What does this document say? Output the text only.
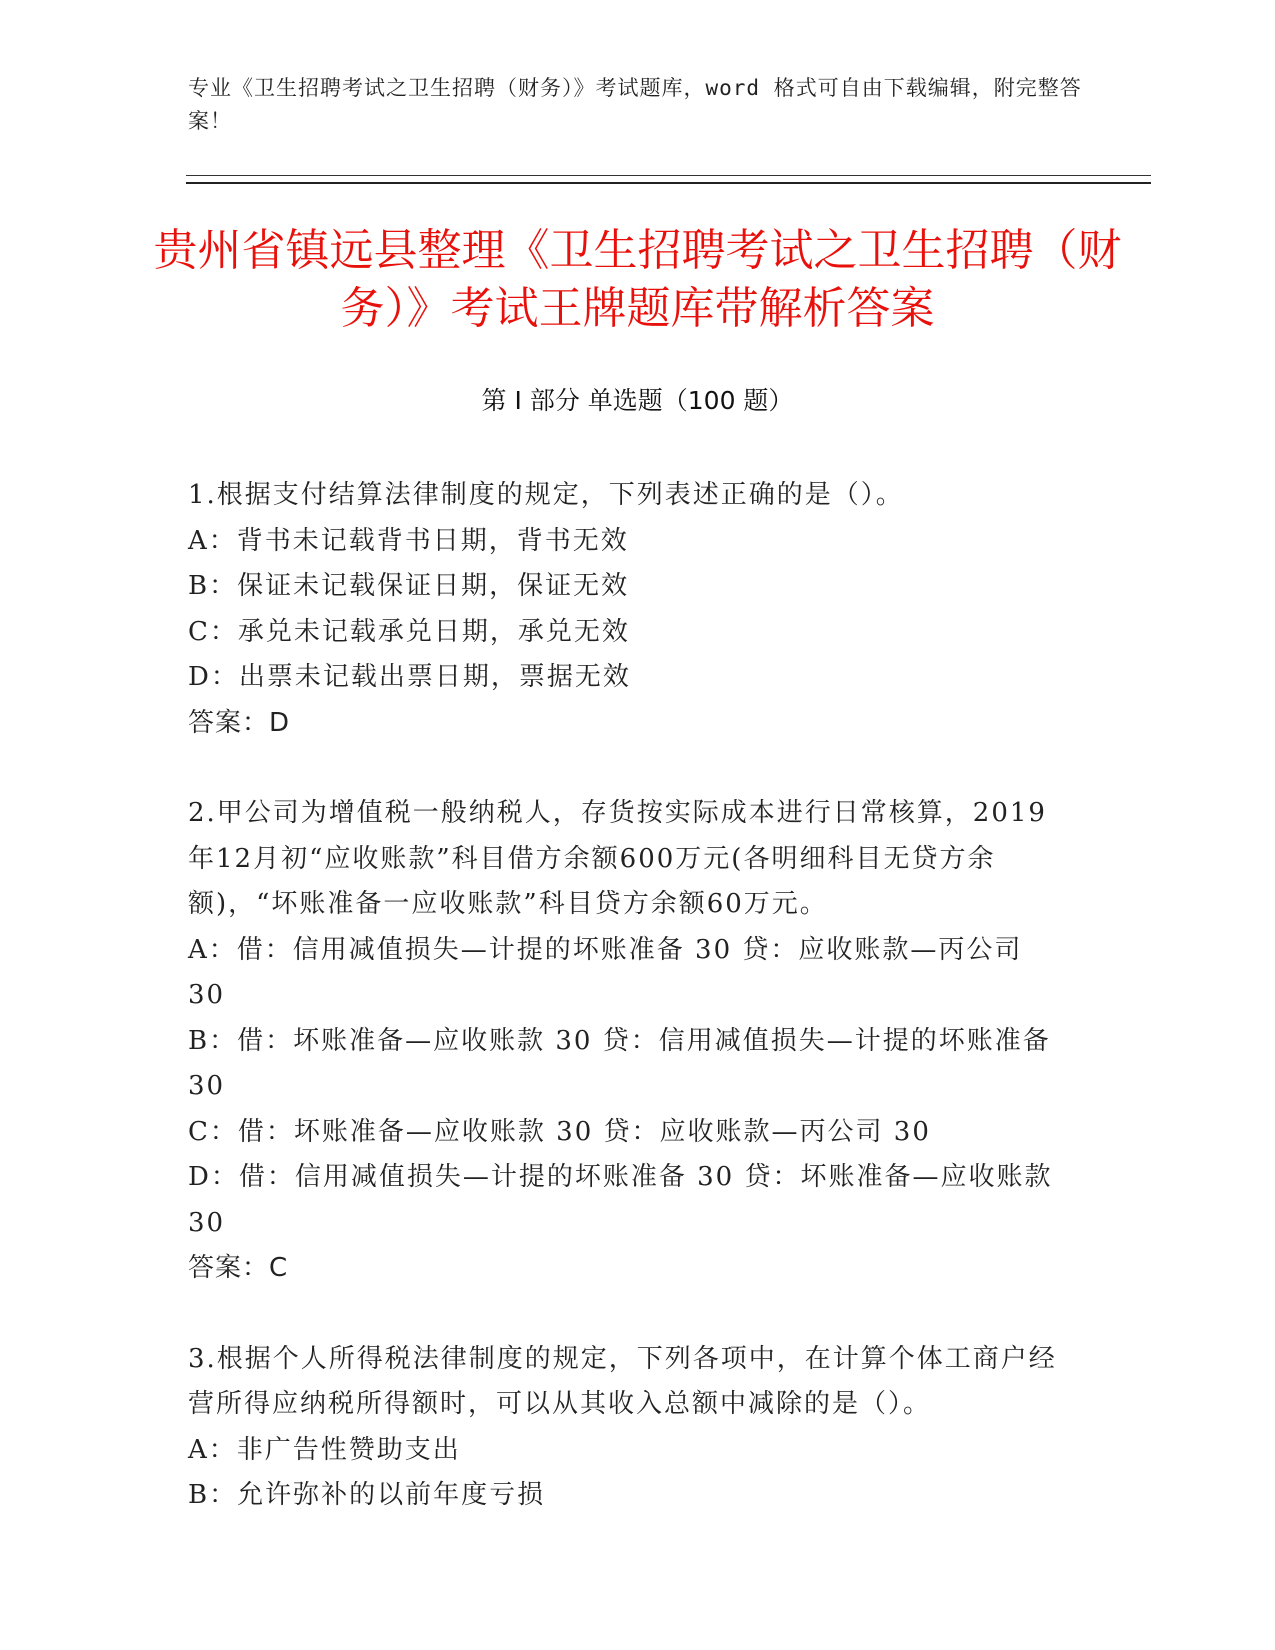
专业《卫生招聘考试之卫生招聘（财务）》考试题库，word 格式可自由下载编辑，附完整答案！
贵州省镇远县整理《卫生招聘考试之卫生招聘（财务）》考试王牌题库带解析答案
第 I 部分 单选题（100 题）

1.根据支付结算法律制度的规定，下列表述正确的是（）。

A：背书未记载背书日期，背书无效

B：保证未记载保证日期，保证无效

C：承兑未记载承兑日期，承兑无效

D：出票未记载出票日期，票据无效

答案：D

2.甲公司为增值税一般纳税人，存货按实际成本进行日常核算，2019年12月初“应收账款”科目借方余额600万元(各明细科目无贷方余额)，“坏账准备一应收账款”科目贷方余额60万元。

A：借：信用减值损失—计提的坏账准备 30 贷：应收账款—丙公司 30

B：借：坏账准备—应收账款 30 贷：信用减值损失—计提的坏账准备 30

C：借：坏账准备—应收账款 30 贷：应收账款—丙公司 30

D：借：信用减值损失—计提的坏账准备 30 贷：坏账准备—应收账款 30

答案：C

3.根据个人所得税法律制度的规定，下列各项中，在计算个体工商户经营所得应纳税所得额时，可以从其收入总额中减除的是（）。

A：非广告性赞助支出

B：允许弥补的以前年度亏损
